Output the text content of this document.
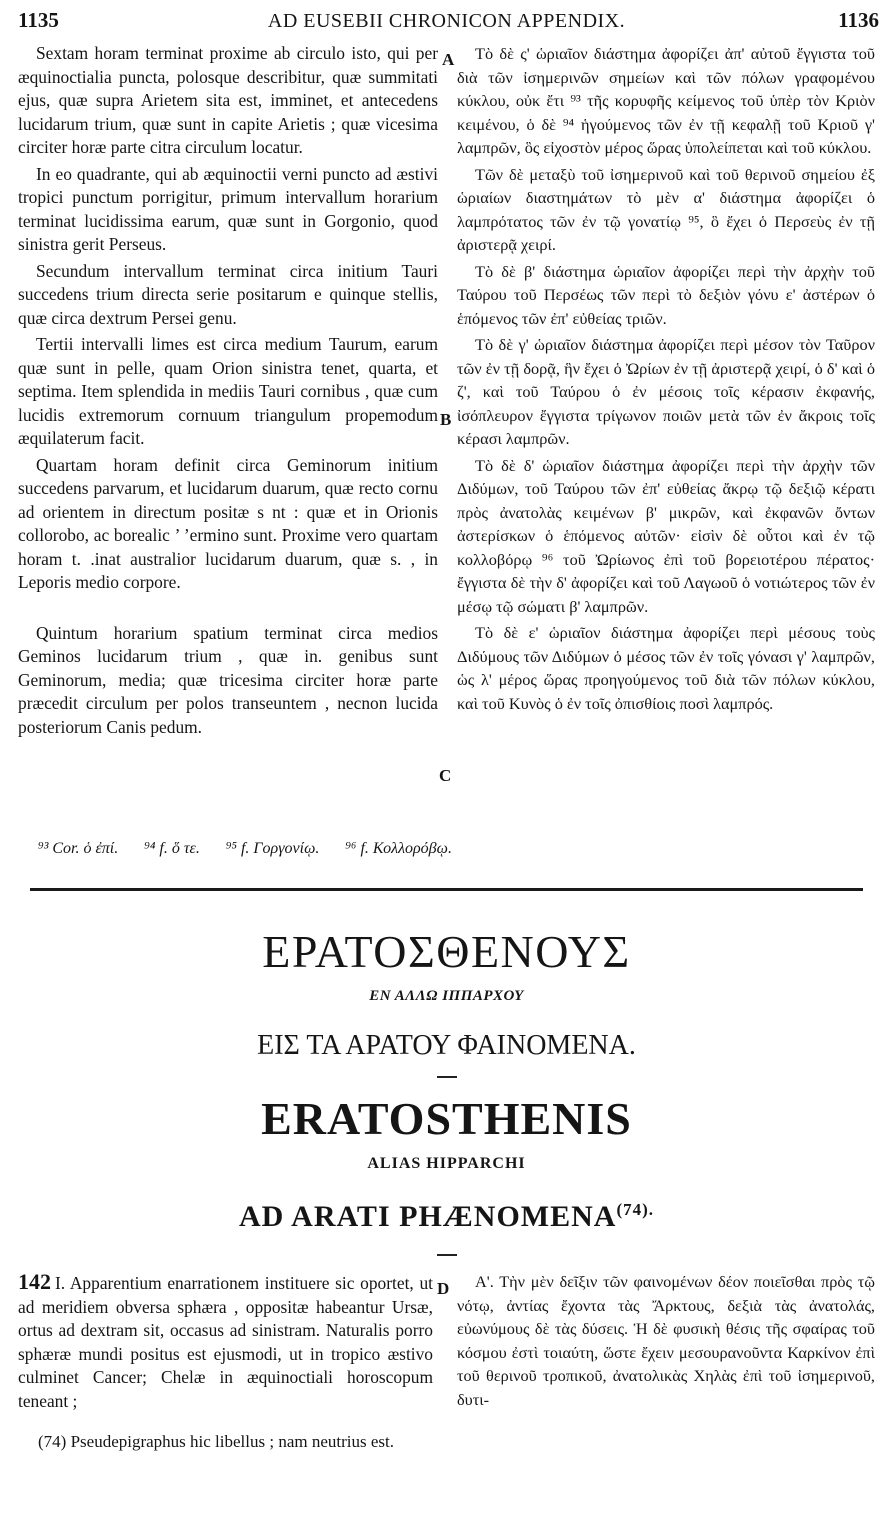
1135	AD EUSEBII CHRONICON APPENDIX.	1136

Sextam horam terminat proxime ab circulo isto, qui per æquinoctialia puncta, polosque describitur, quæ summitati ejus, quæ supra Arietem sita est, imminet, et antecedens lucidarum trium, quæ sunt in capite Arietis ; quæ vicesima circiter horæ parte citra circulum locatur.

In eo quadrante, qui ab æquinoctii verni puncto ad æstivi tropici punctum porrigitur, primum intervallum horarium terminat lucidissima earum, quæ sunt in Gorgonio, quod sinistra gerit Perseus.

Secundum intervallum terminat circa initium Tauri succedens trium directa serie positarum e quinque stellis, quæ circa dextrum Persei genu.

Tertii intervalli limes est circa medium Taurum, earum quæ sunt in pelle, quam Orion sinistra tenet, quarta, et septima. Item splendida in mediis Tauri cornibus , quæ cum lucidis extremorum cornuum triangulum propemodum æquilaterum facit.

Quartam horam definit circa Geminorum initium succedens parvarum, et lucidarum duarum, quæ recto cornu ad orientem in directum positæ s nt : quæ et in Orionis collorobo, ac borealic ’ ’ermino sunt. Proxime vero quartam horam t. .inat australior lucidarum duarum, quæ s. , in Leporis medio corpore.

Quintum horarium spatium terminat circa medios Geminos lucidarum trium , quæ in. genibus sunt Geminorum, media; quæ tricesima circiter horæ parte præcedit circulum per polos transeuntem , necnon lucida posteriorum Canis pedum.

Τὸ δὲ ς' ὡριαῖον διάστημα ἀφορίζει ἀπ' αὐτοῦ ἔγγιστα τοῦ διὰ τῶν ἰσημερινῶν σημείων καὶ τῶν πόλων γραφομένου κύκλου, οὐκ ἔτι ⁹³ τῆς κορυφῆς κείμενος τοῦ ὑπὲρ τὸν Κριὸν κειμένου, ὁ δὲ ⁹⁴ ἡγούμενος τῶν ἐν τῇ κεφαλῇ τοῦ Κριοῦ γ' λαμπρῶν, ὃς εἰχοστὸν μέρος ὥρας ὑπολείπεται καὶ τοῦ κύκλου.

Τῶν δὲ μεταξὺ τοῦ ἰσημερινοῦ καὶ τοῦ θερινοῦ σημείου ἐξ ὡριαίων διαστημάτων τὸ μὲν α' διάστημα ἀφορίζει ὁ λαμπρότατος τῶν ἐν τῷ γονατίῳ ⁹⁵, ὃ ἔχει ὁ Περσεὺς ἐν τῇ ἀριστερᾷ χειρί.

Τὸ δὲ β' διάστημα ὡριαῖον ἀφορίζει περὶ τὴν ἀρχὴν τοῦ Ταύρου τοῦ Περσέως τῶν περὶ τὸ δεξιὸν γόνυ ε' ἀστέρων ὁ ἑπόμενος τῶν ἐπ' εὐθείας τριῶν.

Τὸ δὲ γ' ὡριαῖον διάστημα ἀφορίζει περὶ μέσον τὸν Ταῦρον τῶν ἐν τῇ δορᾷ, ἣν ἔχει ὁ Ὠρίων ἐν τῇ ἀριστερᾷ χειρί, ὁ δ' καὶ ὁ ζ', καὶ τοῦ Ταύρου ὁ ἐν μέσοις τοῖς κέρασιν ἐκφανής, ἰσόπλευρον ἔγγιστα τρίγωνον ποιῶν μετὰ τῶν ἐν ἄκροις τοῖς κέρασι λαμπρῶν.

Τὸ δὲ δ' ὡριαῖον διάστημα ἀφορίζει περὶ τὴν ἀρχὴν τῶν Διδύμων, τοῦ Ταύρου τῶν ἐπ' εὐθείας ἄκρῳ τῷ δεξιῷ κέρατι πρὸς ἀνατολὰς κειμένων β' μικρῶν, καὶ ἐκφανῶν ὄντων ἀστερίσκων ὁ ἑπόμενος αὐτῶν· εἰσὶν δὲ οὗτοι καὶ ἐν τῷ κολλοβόρῳ ⁹⁶ τοῦ Ὠρίωνος ἐπὶ τοῦ βορειοτέρου πέρατος· ἔγγιστα δὲ τὴν δ' ἀφορίζει καὶ τοῦ Λαγωοῦ ὁ νοτιώτερος τῶν ἐν μέσῳ τῷ σώματι β' λαμπρῶν.

Τὸ δὲ ε' ὡριαῖον διάστημα ἀφορίζει περὶ μέσους τοὺς Διδύμους τῶν Διδύμων ὁ μέσος τῶν ἐν τοῖς γόνασι γ' λαμπρῶν, ὡς λ' μέρος ὥρας προηγούμενος τοῦ διὰ τῶν πόλων κύκλου, καὶ τοῦ Κυνὸς ὁ ἐν τοῖς ὀπισθίοις ποσὶ λαμπρός.

A
B
C
D
⁹³ Cor. ὁ ἐπί. ⁹⁴ f. ὅ τε. ⁹⁵ f. Γοργονίῳ. ⁹⁶ f. Κολλορόβῳ.
ΕΡΑΤΟΣΘΕΝΟΥΣ
ΕΝ ΑΛΛΩ ΙΠΠΑΡΧΟΥ
ΕΙΣ ΤΑ ΑΡΑΤΟΥ ΦΑΙΝΟΜΕΝΑ.
ERATOSTHENIS
ALIAS HIPPARCHI
AD ARATI $PHÆNOMENA^{(74).}$

142 I. Apparentium enarrationem instituere sic oportet, ut ad meridiem obversa sphæra , oppositæ habeantur Ursæ, ortus ad dextram sit, occasus ad sinistram. Naturalis porro sphæræ mundi positus est ejusmodi, ut in tropico æstivo culminet Cancer; Chelæ in æquinoctiali horoscopum teneant ;

Α'. Τὴν μὲν δεῖξιν τῶν φαινομένων δέον ποιεῖσθαι πρὸς τῷ νότῳ, ἀντίας ἔχοντα τὰς Ἄρκτους, δεξιὰ τὰς ἀνατολάς, εὐωνύμους δὲ τὰς δύσεις. Ἡ δὲ φυσικὴ θέσις τῆς σφαίρας τοῦ κόσμου ἐστὶ τοιαύτη, ὥστε ἔχειν μεσουρανοῦντα Καρκίνον ἐπὶ τοῦ θερινοῦ τροπικοῦ, ἀνατολικὰς Χηλὰς ἐπὶ τοῦ ἰσημερινοῦ, δυτι-

(74) Pseudepigraphus hic libellus ; nam neutrius est.
